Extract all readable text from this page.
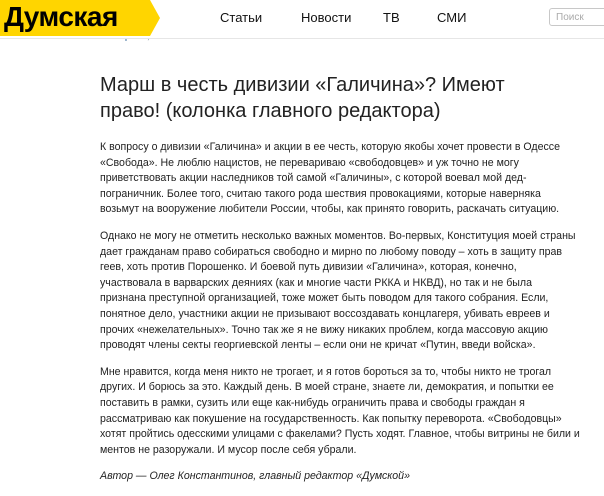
Думская	Статьи	Новости ТВ	СМИ
Поиск
Марш в честь дивизии «Галичина»? Имеют право! (колонка главного редактора)

К вопросу о дивизии «Галичина» и акции в ее честь, которую якобы хочет провести в Одессе «Свобода». Не люблю нацистов, не переваривaю «свободовцев» и уж точно не могу приветствовать акции наследников той самой «Галичины», с которой воевал мой дед-пограничник. Более того, считаю такого рода шествия провокациями, которые наверняка возьмут на вооружение любители России, чтобы, как принято говорить, раскачать ситуацию.

Однако не могу не отметить несколько важных моментов. Во-первых, Конституция моей страны дает гражданам право собираться свободно и мирно по любому поводу – хоть в защиту прав геев, хоть против Порошенко. И боевой путь дивизии «Галичина», которая, конечно, участвовала в варварских деяниях (как и многие части РККА и НКВД), но так и не была признана преступной организацией, тоже может быть поводом для такого собрания. Если, понятное дело, участники акции не призывают воссоздавать концлагеря, убивать евреев и прочих «нежелательных». Точно так же я не вижу никаких проблем, когда массовую акцию проводят члены секты георгиевской ленты – если они не кричат «Путин, введи войска».

Мне нравится, когда меня никто не трогает, и я готов бороться за то, чтобы никто не трогал других. И борюсь за это. Каждый день. В моей стране, знаете ли, демократия, и попытки ее поставить в рамки, сузить или еще как-нибудь ограничить права и свободы граждан я рассматриваю как покушение на государственность. Как попытку переворота. «Свободовцы» хотят пройтись одесскими улицами с факелами? Пусть ходят. Главное, чтобы витрины не били и ментов не разоружали. И мусор после себя убрали.

Автор — Олег Константинов, главный редактор «Думской»
